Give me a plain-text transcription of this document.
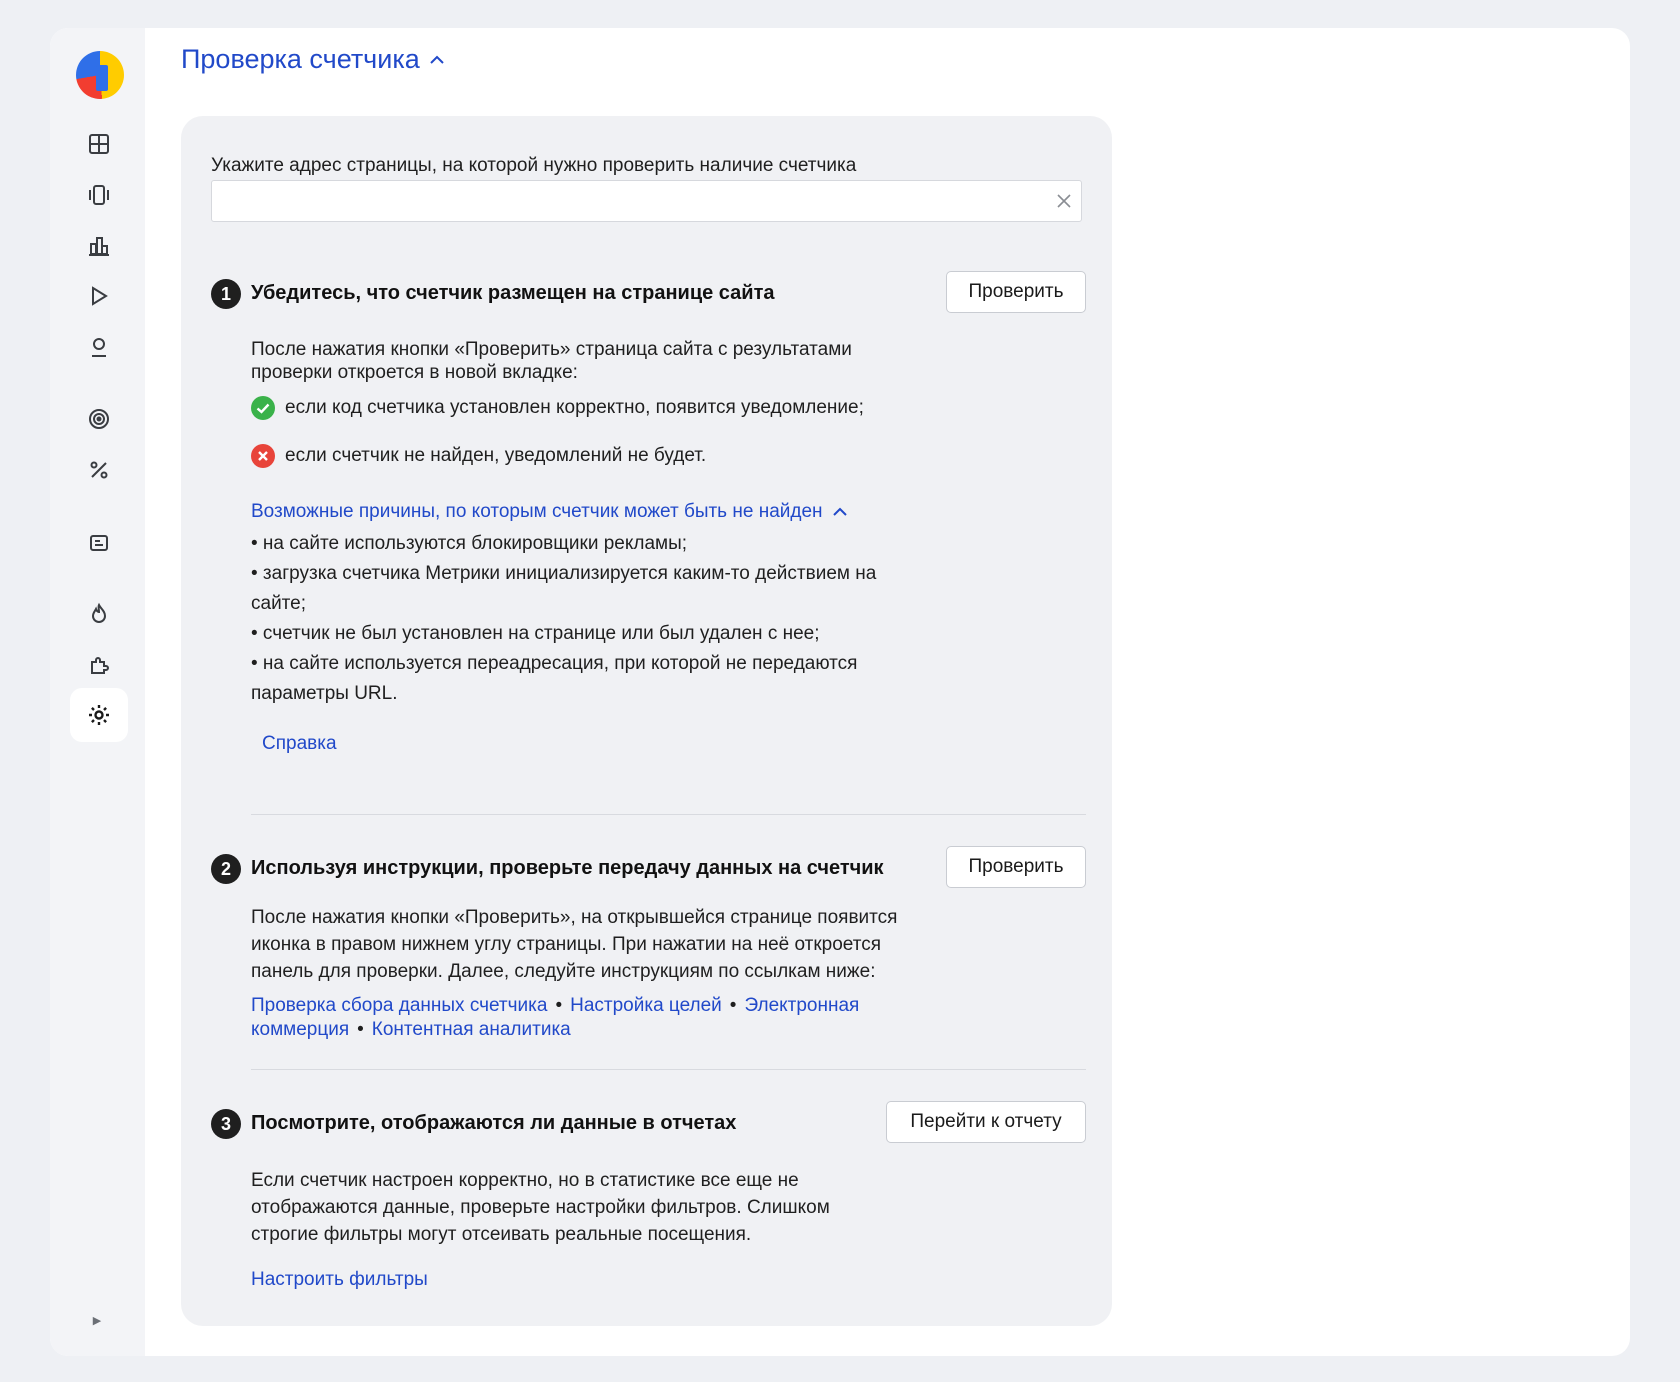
▶
Проверка счетчика
Укажите адрес страницы, на которой нужно проверить наличие счетчика
1	Убедитесь, что счетчик размещен на странице сайта	Проверить
После нажатия кнопки «Проверить» страница сайта с результатами
проверки откроется в новой вкладке:
если код счетчика установлен корректно, появится уведомление;
если счетчик не найден, уведомлений не будет.
Возможные причины, по которым счетчик может быть не найден
• на сайте используются блокировщики рекламы;
• загрузка счетчика Метрики инициализируется каким-то действием на
сайте;
• счетчик не был установлен на странице или был удален с нее;
• на сайте используется переадресация, при которой не передаются
параметры URL.
Справка
2	Используя инструкции, проверьте передачу данных на счетчик	Проверить
После нажатия кнопки «Проверить», на открывшейся странице появится
иконка в правом нижнем углу страницы. При нажатии на неё откроется
панель для проверки. Далее, следуйте инструкциям по ссылкам ниже:
Проверка сбора данных счетчика • Настройка целей • Электронная
коммерция • Контентная аналитика
3	Посмотрите, отображаются ли данные в отчетах	Перейти к отчету
Если счетчик настроен корректно, но в статистике все еще не
отображаются данные, проверьте настройки фильтров. Слишком
строгие фильтры могут отсеивать реальные посещения.
Настроить фильтры
